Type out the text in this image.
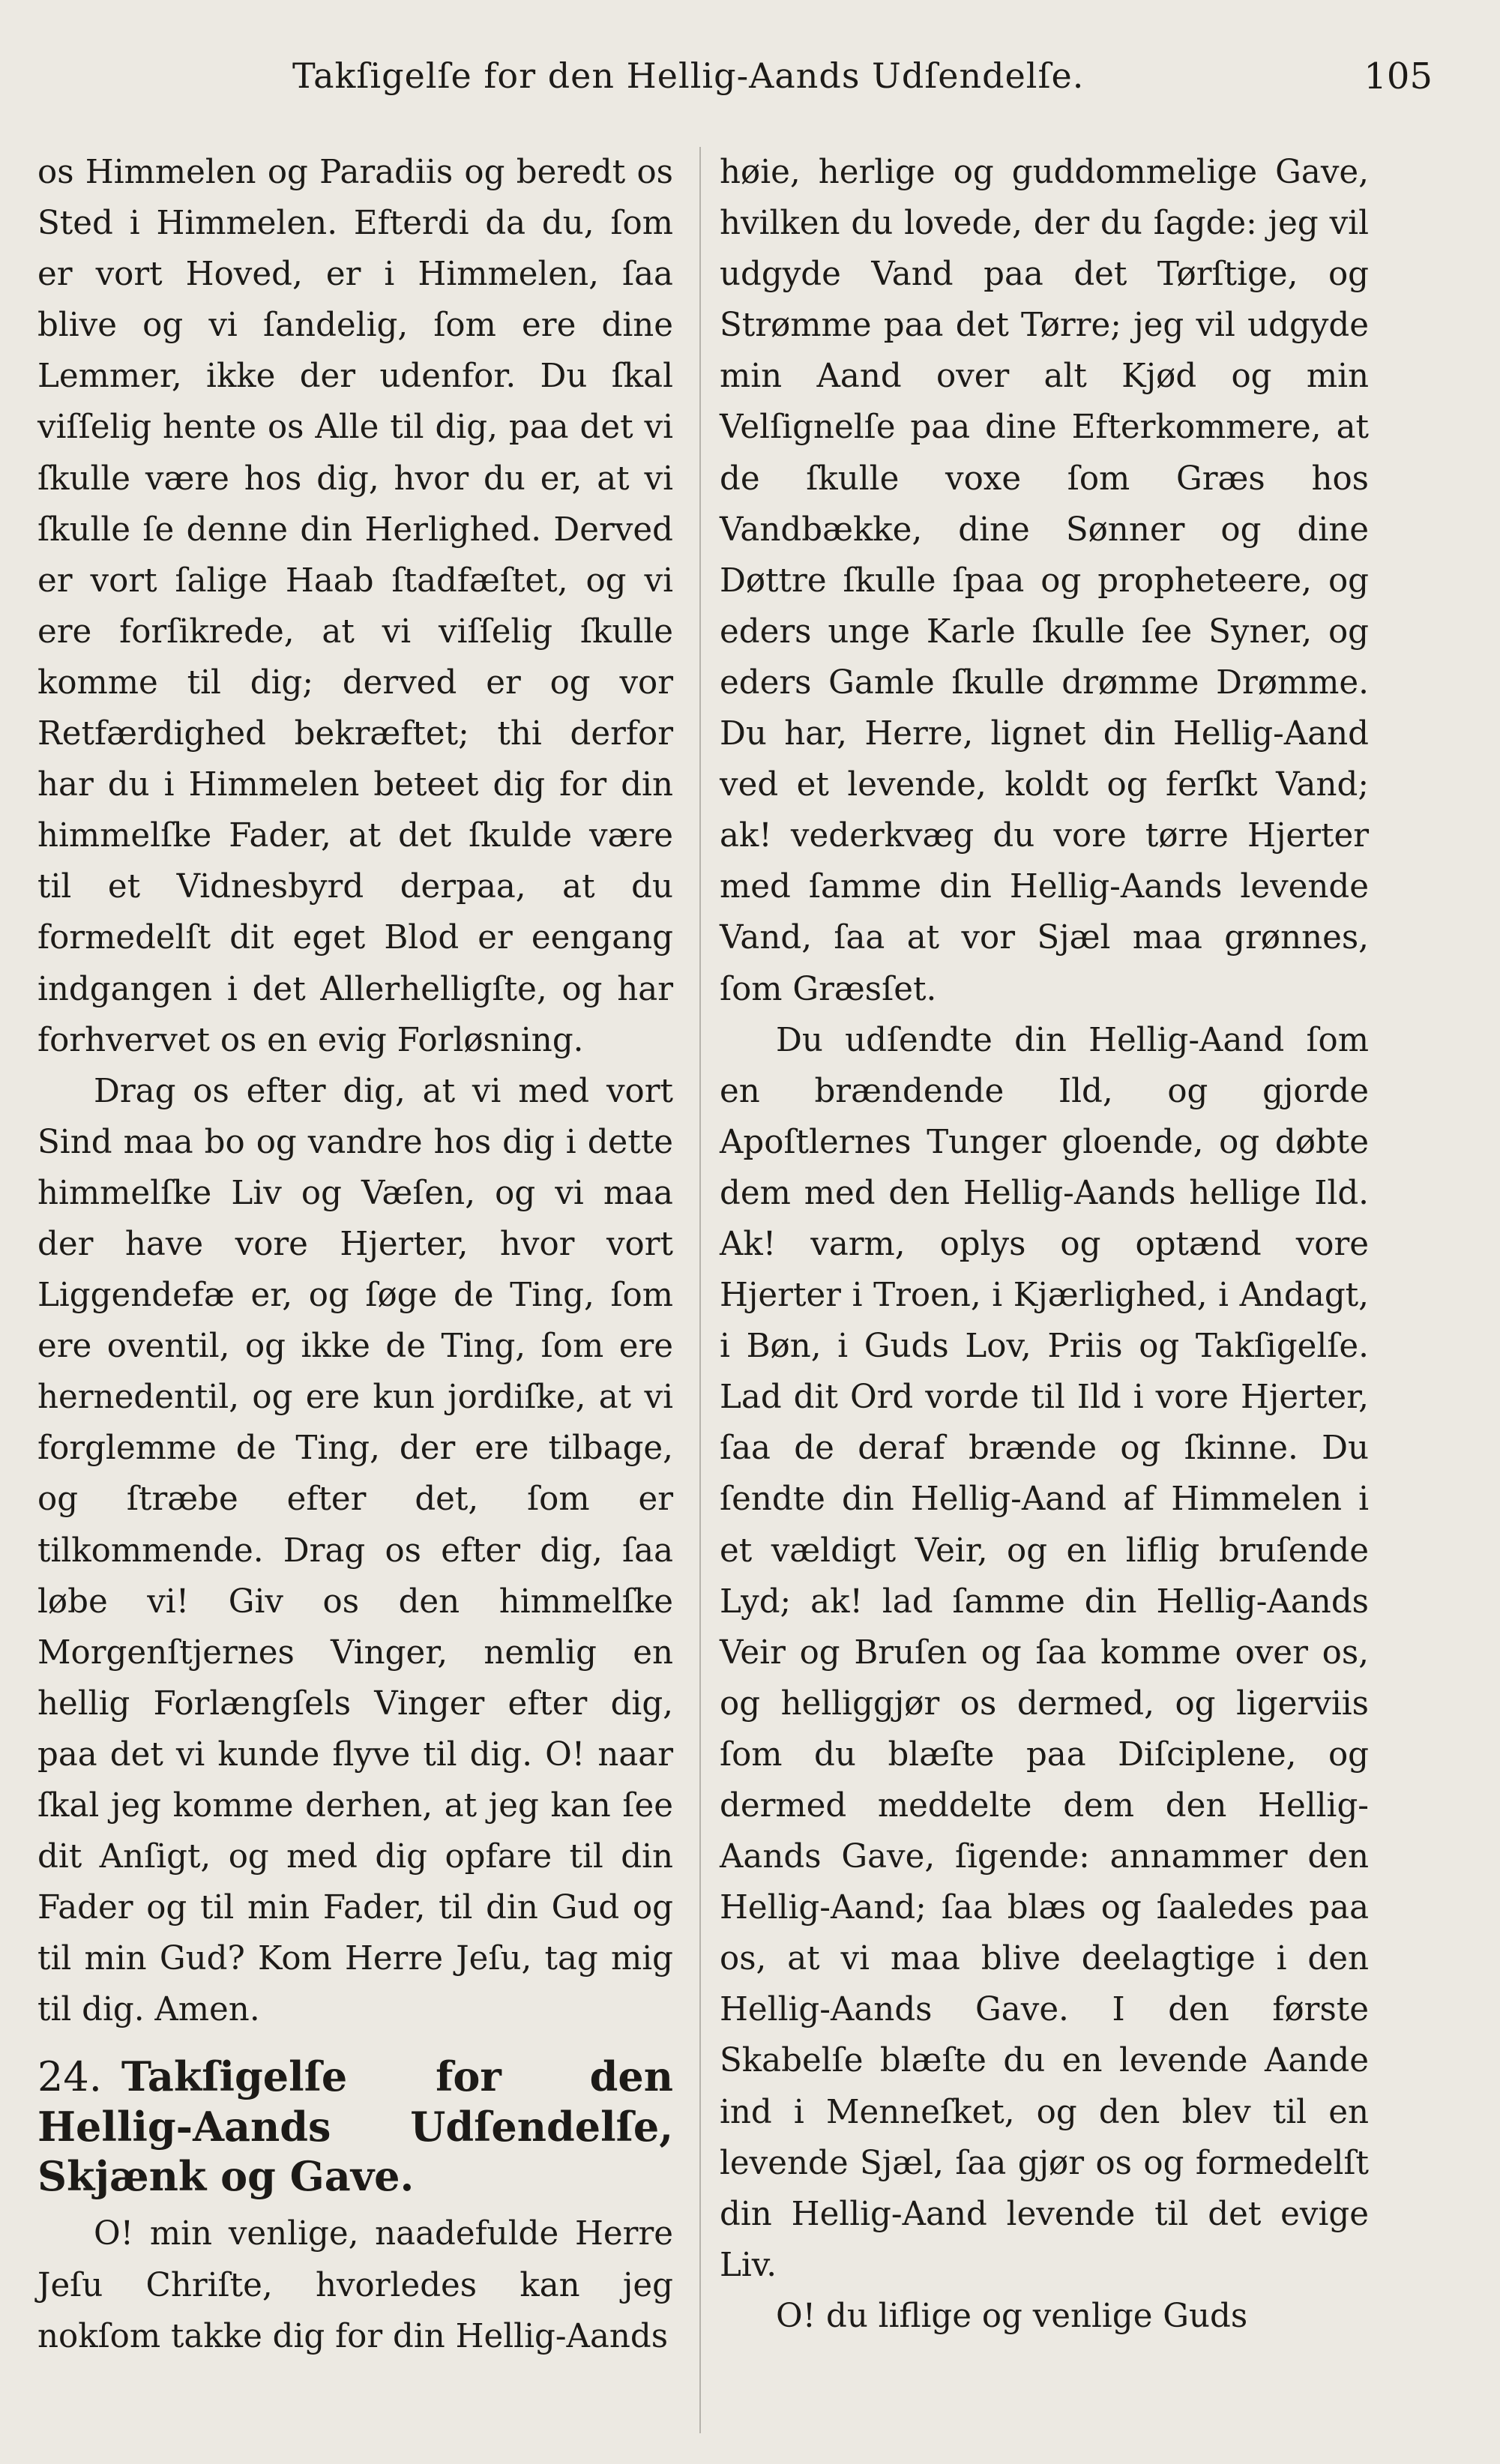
Takſigelſe for den Hellig-Aands Udſendelſe.	105

os Himmelen og Paradiis og beredt os Sted i Himmelen. Efterdi da du, ſom er vort Hoved, er i Himmelen, ſaa blive og vi ſandelig, ſom ere dine Lemmer, ikke der udenfor. Du ſkal viſſelig hente os Alle til dig, paa det vi ſkulle være hos dig, hvor du er, at vi ſkulle ſe denne din Herlighed. Derved er vort ſalige Haab ſtadfæſtet, og vi ere forſikrede, at vi viſſelig ſkulle komme til dig; derved er og vor Retfærdighed bekræftet; thi derfor har du i Himmelen beteet dig for din himmelſke Fader, at det ſkulde være til et Vidnesbyrd derpaa, at du formedelſt dit eget Blod er eengang indgangen i det Allerhelligſte, og har forhvervet os en evig Forløsning.

Drag os efter dig, at vi med vort Sind maa bo og vandre hos dig i dette himmelſke Liv og Væſen, og vi maa der have vore Hjerter, hvor vort Liggendefæ er, og ſøge de Ting, ſom ere oventil, og ikke de Ting, ſom ere hernedentil, og ere kun jordiſke, at vi forglemme de Ting, der ere tilbage, og ſtræbe efter det, ſom er tilkommende. Drag os efter dig, ſaa løbe vi! Giv os den himmelſke Morgenſtjernes Vinger, nemlig en hellig Forlængſels Vinger efter dig, paa det vi kunde flyve til dig. O! naar ſkal jeg komme derhen, at jeg kan ſee dit Anſigt, og med dig opfare til din Fader og til min Fader, til din Gud og til min Gud? Kom Herre Jeſu, tag mig til dig. Amen.

24. Takſigelſe for den Hellig-Aands Udſendelſe, Skjænk og Gave.

O! min venlige, naadefulde Herre Jeſu Chriſte, hvorledes kan jeg nokſom takke dig for din Hellig-Aands

høie, herlige og guddommelige Gave, hvilken du lovede, der du ſagde: jeg vil udgyde Vand paa det Tørſtige, og Strømme paa det Tørre; jeg vil udgyde min Aand over alt Kjød og min Velſignelſe paa dine Efterkommere, at de ſkulle voxe ſom Græs hos Vandbække, dine Sønner og dine Døttre ſkulle ſpaa og propheteere, og eders unge Karle ſkulle ſee Syner, og eders Gamle ſkulle drømme Drømme. Du har, Herre, lignet din Hellig-Aand ved et levende, koldt og ferſkt Vand; ak! vederkvæg du vore tørre Hjerter med ſamme din Hellig-Aands levende Vand, ſaa at vor Sjæl maa grønnes, ſom Græsſet.

Du udſendte din Hellig-Aand ſom en brændende Ild, og gjorde Apoſtlernes Tunger gloende, og døbte dem med den Hellig-Aands hellige Ild. Ak! varm, oplys og optænd vore Hjerter i Troen, i Kjærlighed, i Andagt, i Bøn, i Guds Lov, Priis og Takſigelſe. Lad dit Ord vorde til Ild i vore Hjerter, ſaa de deraf brænde og ſkinne. Du ſendte din Hellig-Aand af Himmelen i et vældigt Veir, og en liflig bruſende Lyd; ak! lad ſamme din Hellig-Aands Veir og Bruſen og ſaa komme over os, og helliggjør os dermed, og ligerviis ſom du blæſte paa Diſciplene, og dermed meddelte dem den Hellig-Aands Gave, ſigende: annammer den Hellig-Aand; ſaa blæs og ſaaledes paa os, at vi maa blive deelagtige i den Hellig-Aands Gave. I den første Skabelſe blæſte du en levende Aande ind i Menneſket, og den blev til en levende Sjæl, ſaa gjør os og formedelſt din Hellig-Aand levende til det evige Liv.

O! du liflige og venlige Guds
